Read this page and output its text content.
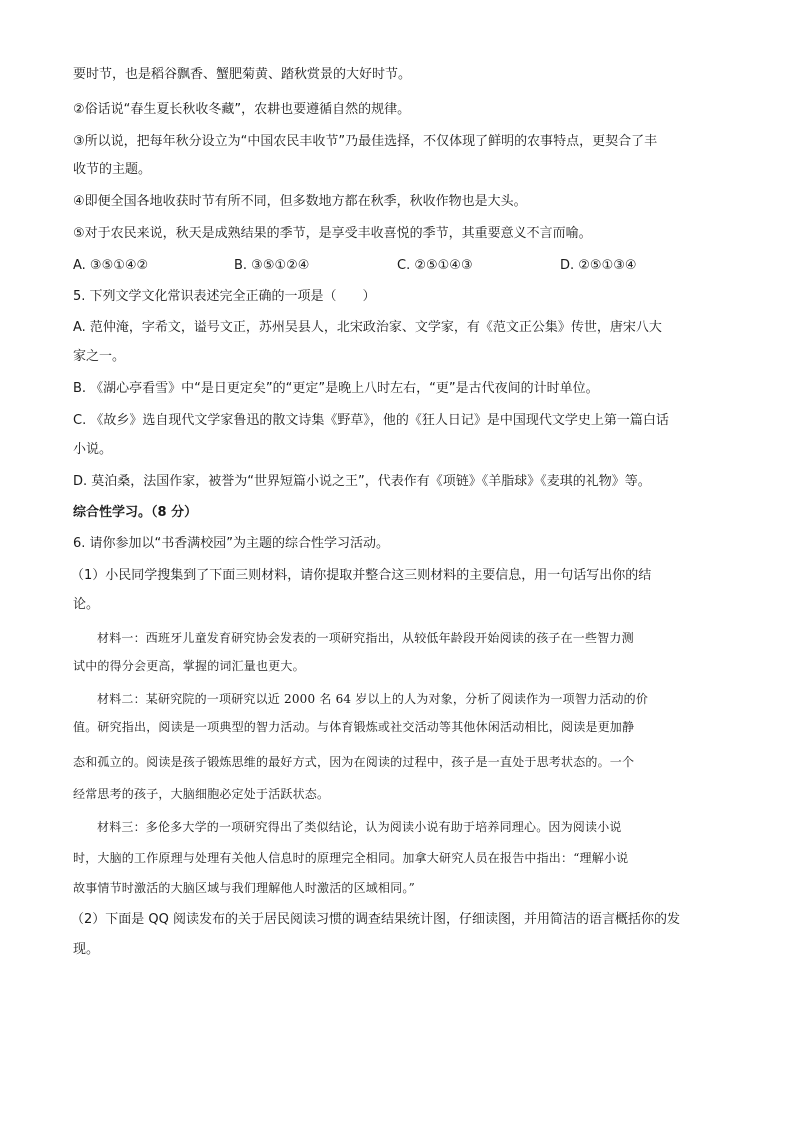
要时节，也是稻谷飘香、蟹肥菊黄、踏秋赏景的大好时节。
②俗话说“春生夏长秋收冬藏”，农耕也要遵循自然的规律。
③所以说，把每年秋分设立为“中国农民丰收节”乃最佳选择，不仅体现了鲜明的农事特点，更契合了丰
收节的主题。
④即便全国各地收获时节有所不同，但多数地方都在秋季，秋收作物也是大头。
⑤对于农民来说，秋天是成熟结果的季节，是享受丰收喜悦的季节，其重要意义不言而喻。
A. ③⑤①④②	B. ③⑤①②④	C. ②⑤①④③	D. ②⑤①③④
5. 下列文学文化常识表述完全正确的一项是（　　）
A. 范仲淹，字希文，谥号文正，苏州吴县人，北宋政治家、文学家，有《范文正公集》传世，唐宋八大
家之一。
B. 《湖心亭看雪》中“是日更定矣”的“更定”是晚上八时左右，“更”是古代夜间的计时单位。
C. 《故乡》选自现代文学家鲁迅的散文诗集《野草》，他的《狂人日记》是中国现代文学史上第一篇白话
小说。
D. 莫泊桑，法国作家，被誉为“世界短篇小说之王”，代表作有《项链》《羊脂球》《麦琪的礼物》等。
综合性学习。（8 分）
6. 请你参加以“书香满校园”为主题的综合性学习活动。
（1）小民同学搜集到了下面三则材料，请你提取并整合这三则材料的主要信息，用一句话写出你的结
论。
材料一：西班牙儿童发育研究协会发表的一项研究指出，从较低年龄段开始阅读的孩子在一些智力测
试中的得分会更高，掌握的词汇量也更大。
材料二：某研究院的一项研究以近 2000 名 64 岁以上的人为对象，分析了阅读作为一项智力活动的价
值。研究指出，阅读是一项典型的智力活动。与体育锻炼或社交活动等其他休闲活动相比，阅读是更加静
态和孤立的。阅读是孩子锻炼思维的最好方式，因为在阅读的过程中，孩子是一直处于思考状态的。一个
经常思考的孩子，大脑细胞必定处于活跃状态。
材料三：多伦多大学的一项研究得出了类似结论，认为阅读小说有助于培养同理心。因为阅读小说
时，大脑的工作原理与处理有关他人信息时的原理完全相同。加拿大研究人员在报告中指出：“理解小说
故事情节时激活的大脑区域与我们理解他人时激活的区域相同。”
（2）下面是 QQ 阅读发布的关于居民阅读习惯的调查结果统计图，仔细读图，并用简洁的语言概括你的发
现。
